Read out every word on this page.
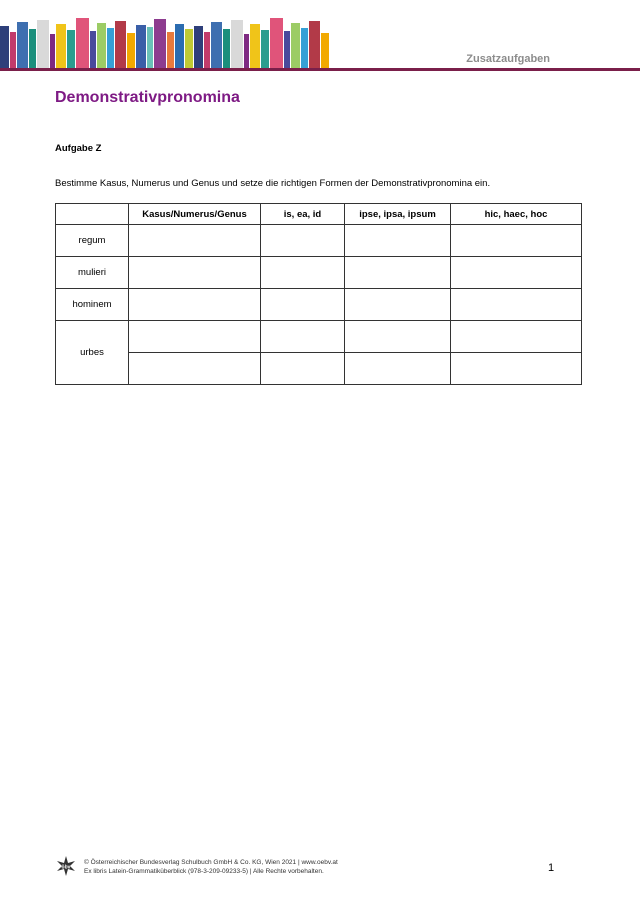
Zusatzaufgaben
Demonstrativpronomina

Aufgabe Z

Bestimme Kasus, Numerus und Genus und setze die richtigen Formen der Demonstrativpronomina ein.

	Kasus/Numerus/Genus	is, ea, id	ipse, ipsa, ipsum	hic, haec, hoc
regum				
mulieri				
hominem				
urbes				

öbv
© Österreichischer Bundesverlag Schulbuch GmbH & Co. KG, Wien 2021 | www.oebv.at
Ex libris Latein-Grammatiküberblick (978-3-209-09233-5) | Alle Rechte vorbehalten.	1
